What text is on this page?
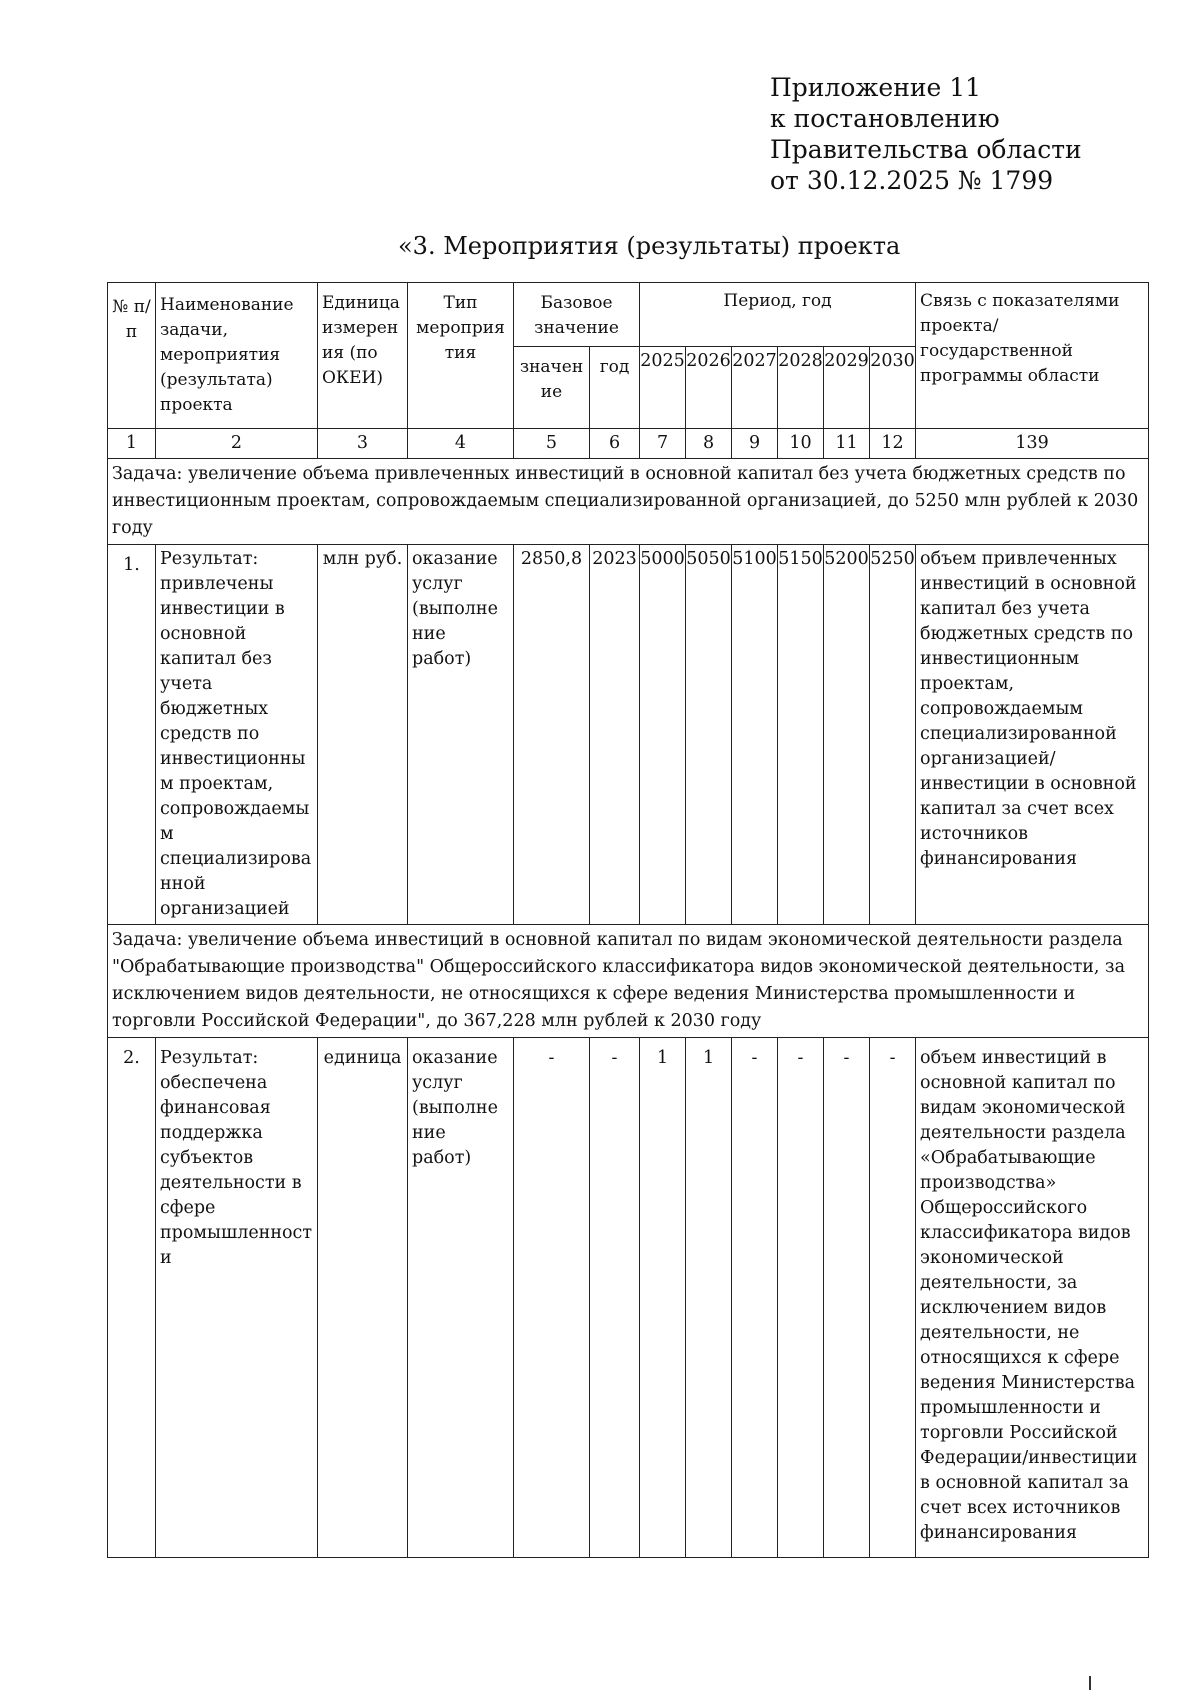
Приложение 11
к постановлению
Правительства области
от 30.12.2025 № 1799
«3. Мероприятия (результаты) проекта
№ п/п	Наименование задачи, мероприятия (результата) проекта	Единица измерения (по ОКЕИ)	Тип мероприятия	Базовое значение		Период, год						Связь с показателями проекта/государственной программы области
				значение	год	2025	2026	2027	2028	2029	2030	
1	2	3	4	5	6	7	8	9	10	11	12	139
Задача: увеличение объема привлеченных инвестиций в основной капитал без учета бюджетных средств по инвестиционным проектам, сопровождаемым специализированной организацией, до 5250 млн рублей к 2030 году												
1.	Результат: привлечены инвестиции в основной капитал без учета бюджетных средств по инвестиционным проектам, сопровождаемым специализированной организацией	млн руб.	оказание услуг (выполнение работ)	2850,8	2023	5000	5050	5100	5150	5200	5250	объем привлеченных инвестиций в основной капитал без учета бюджетных средств по инвестиционным проектам, сопровождаемым специализированной организацией/инвестиции в основной капитал за счет всех источников финансирования
Задача: увеличение объема инвестиций в основной капитал по видам экономической деятельности раздела "Обрабатывающие производства" Общероссийского классификатора видов экономической деятельности, за исключением видов деятельности, не относящихся к сфере ведения Министерства промышленности и торговли Российской Федерации", до 367,228 млн рублей к 2030 году												
2.	Результат: обеспечена финансовая поддержка субъектов деятельности в сфере промышленности	единица	оказание услуг (выполнение работ)	-	-	1	1	-	-	-	-	объем инвестиций в основной капитал по видам экономической деятельности раздела «Обрабатывающие производства» Общероссийского классификатора видов экономической деятельности, за исключением видов деятельности, не относящихся к сфере ведения Министерства промышленности и торговли Российской Федерации/инвестиции в основной капитал за счет всех источников финансирования
